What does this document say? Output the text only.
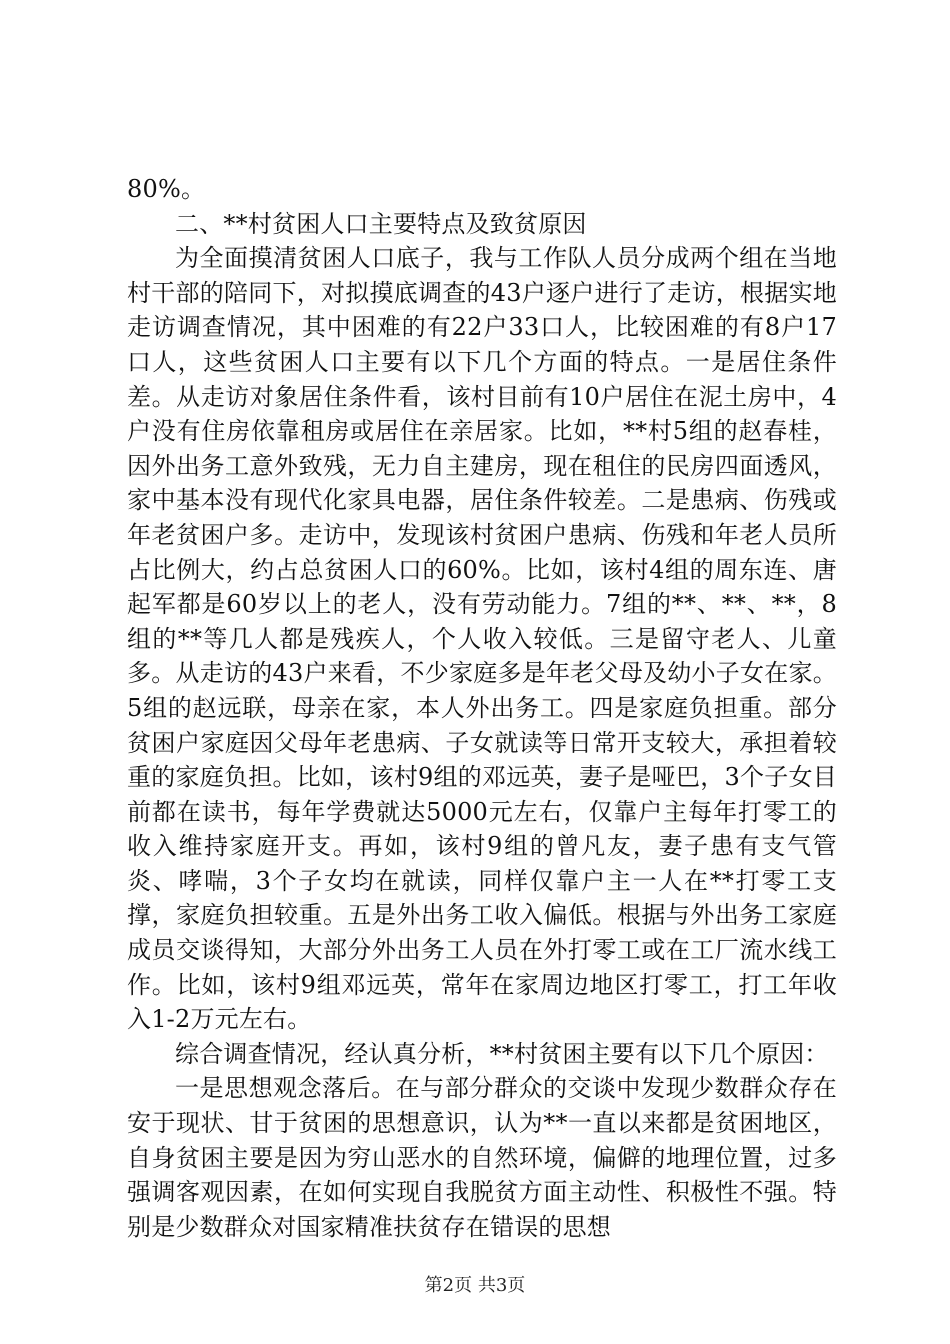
80%。

二、**村贫困人口主要特点及致贫原因

为全面摸清贫困人口底子，我与工作队人员分成两个组在当地村干部的陪同下，对拟摸底调查的43户逐户进行了走访，根据实地走访调查情况，其中困难的有22户33口人，比较困难的有8户17口人，这些贫困人口主要有以下几个方面的特点。一是居住条件差。从走访对象居住条件看，该村目前有10户居住在泥土房中，4户没有住房依靠租房或居住在亲居家。比如，**村5组的赵春桂，因外出务工意外致残，无力自主建房，现在租住的民房四面透风，家中基本没有现代化家具电器，居住条件较差。二是患病、伤残或年老贫困户多。走访中，发现该村贫困户患病、伤残和年老人员所占比例大，约占总贫困人口的60%。比如，该村4组的周东连、唐起军都是60岁以上的老人，没有劳动能力。7组的**、**、**，8组的**等几人都是残疾人，个人收入较低。三是留守老人、儿童多。从走访的43户来看，不少家庭多是年老父母及幼小子女在家。5组的赵远联，母亲在家，本人外出务工。四是家庭负担重。部分贫困户家庭因父母年老患病、子女就读等日常开支较大，承担着较重的家庭负担。比如，该村9组的邓远英，妻子是哑巴，3个子女目前都在读书，每年学费就达5000元左右，仅靠户主每年打零工的收入维持家庭开支。再如，该村9组的曾凡友，妻子患有支气管炎、哮喘，3个子女均在就读，同样仅靠户主一人在**打零工支撑，家庭负担较重。五是外出务工收入偏低。根据与外出务工家庭成员交谈得知，大部分外出务工人员在外打零工或在工厂流水线工作。比如，该村9组邓远英，常年在家周边地区打零工，打工年收入1-2万元左右。

综合调查情况，经认真分析，**村贫困主要有以下几个原因：

一是思想观念落后。在与部分群众的交谈中发现少数群众存在安于现状、甘于贫困的思想意识，认为**一直以来都是贫困地区，自身贫困主要是因为穷山恶水的自然环境，偏僻的地理位置，过多强调客观因素，在如何实现自我脱贫方面主动性、积极性不强。特别是少数群众对国家精准扶贫存在错误的思想

第2页 共3页
